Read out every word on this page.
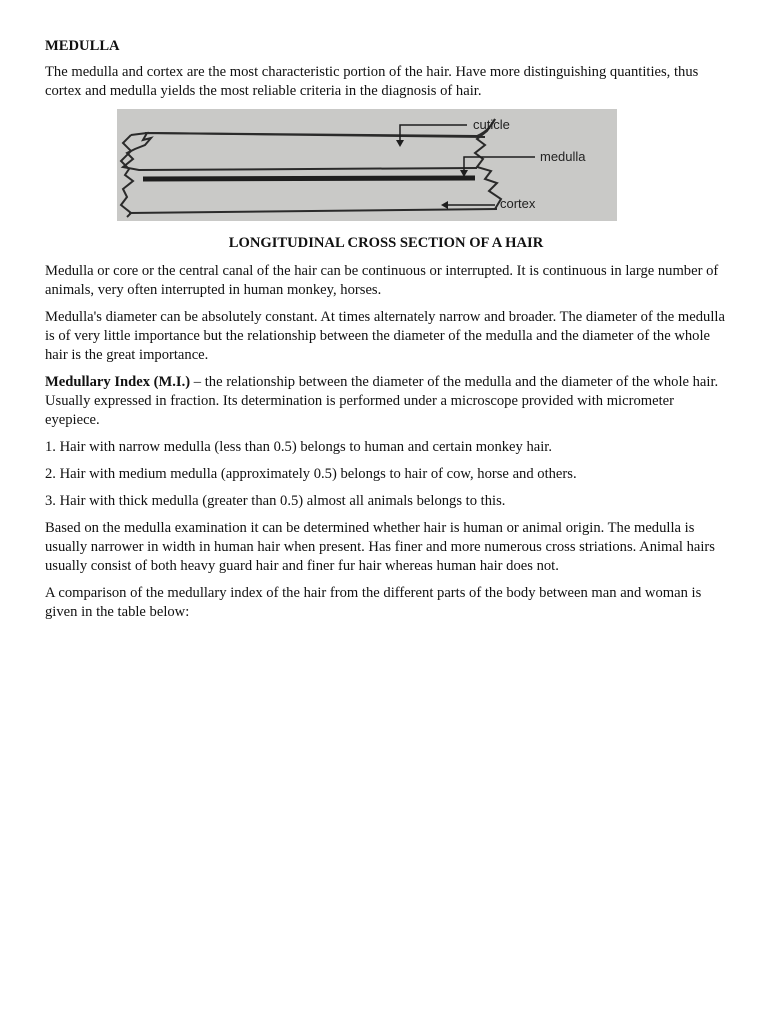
MEDULLA

The medulla and cortex are the most characteristic portion of the hair. Have more distinguishing quantities, thus cortex and medulla yields the most reliable criteria in the diagnosis of hair.

cuticle
medulla
cortex

LONGITUDINAL CROSS SECTION OF A HAIR

Medulla or core or the central canal of the hair can be continuous or interrupted. It is continuous in large number of animals, very often interrupted in human monkey, horses.

Medulla's diameter can be absolutely constant. At times alternately narrow and broader. The diameter of the medulla is of very little importance but the relationship between the diameter of the medulla and the diameter of the whole hair is the great importance.

Medullary Index (M.I.) – the relationship between the diameter of the medulla and the diameter of the whole hair. Usually expressed in fraction. Its determination is performed under a microscope provided with micrometer eyepiece.

1. Hair with narrow medulla (less than 0.5) belongs to human and certain monkey hair.

2. Hair with medium medulla (approximately 0.5) belongs to hair of cow, horse and others.

3. Hair with thick medulla (greater than 0.5) almost all animals belongs to this.

Based on the medulla examination it can be determined whether hair is human or animal origin. The medulla is usually narrower in width in human hair when present. Has finer and more numerous cross striations. Animal hairs usually consist of both heavy guard hair and finer fur hair whereas human hair does not.

A comparison of the medullary index of the hair from the different parts of the body between man and woman is given in the table below:
